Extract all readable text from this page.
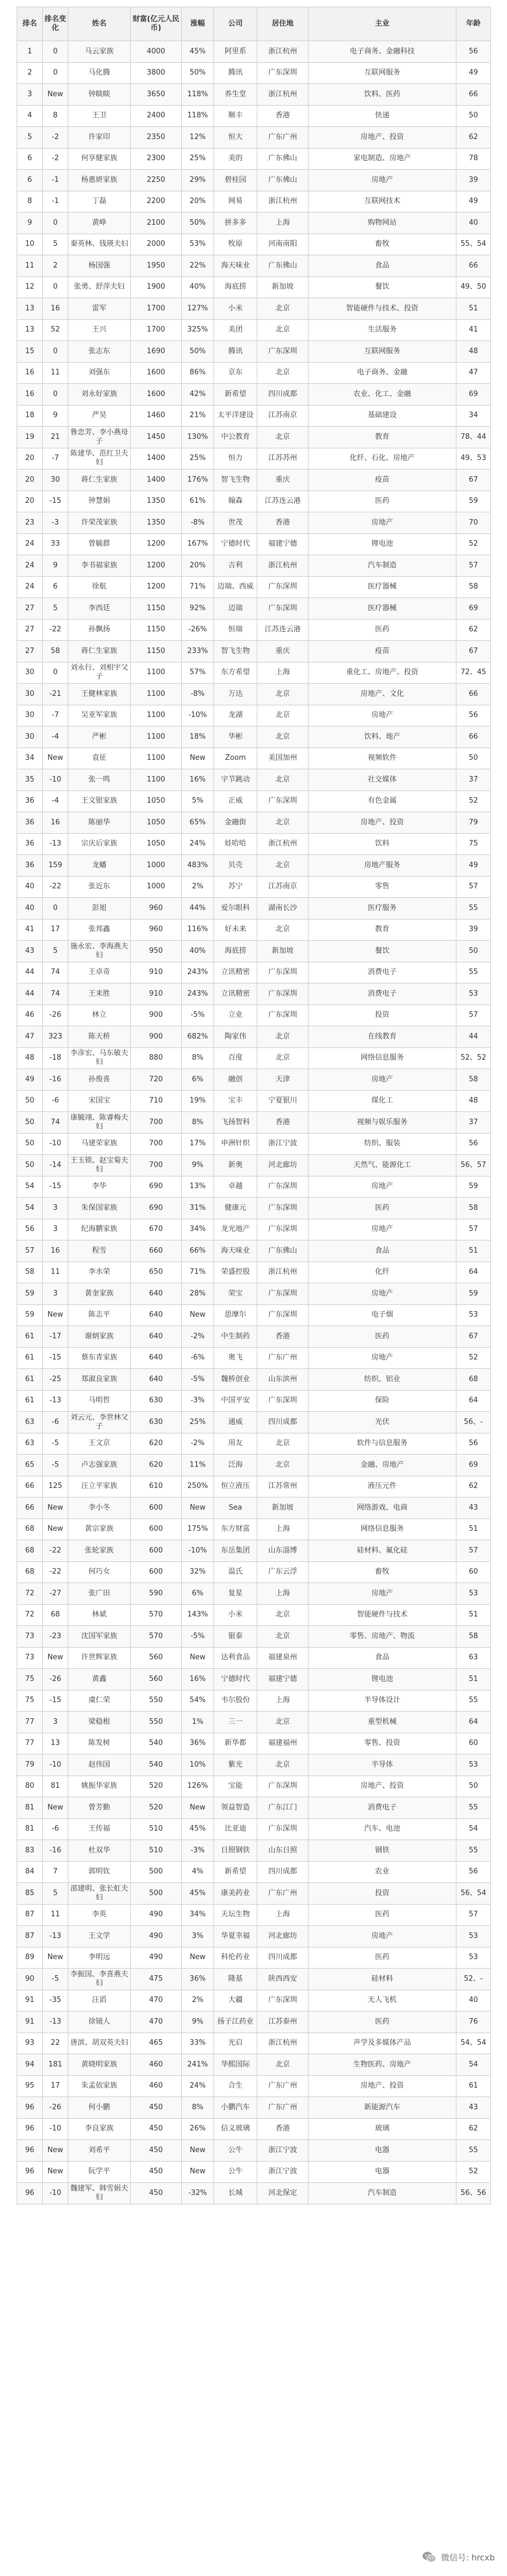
排名	排名变化	姓名	财富(亿元人民币)	涨幅	公司	居住地	主业	年龄
1	0	马云家族	4000	45%	阿里系	浙江杭州	电子商务、金融科技	56
2	0	马化腾	3800	50%	腾讯	广东深圳	互联网服务	49
3	New	钟睒睒	3650	118%	养生堂	浙江杭州	饮料、医药	66
4	8	王卫	2400	118%	顺丰	香港	快递	50
5	-2	许家印	2350	12%	恒大	广东广州	房地产、投资	62
6	-2	何享健家族	2300	25%	美的	广东佛山	家电制造、房地产	78
6	-1	杨惠妍家族	2250	29%	碧桂园	广东佛山	房地产	39
8	-1	丁磊	2200	20%	网易	浙江杭州	互联网技术	49
9	0	黄峥	2100	50%	拼多多	上海	购物网站	40
10	5	秦英林、钱瑛夫妇	2000	53%	牧原	河南南阳	畜牧	55、54
11	2	杨国强	1950	22%	海天味业	广东佛山	食品	66
12	0	张勇、舒萍夫妇	1900	40%	海底捞	新加坡	餐饮	49、50
13	16	雷军	1700	127%	小米	北京	智能硬件与技术、投资	51
13	52	王兴	1700	325%	美团	北京	生活服务	41
15	0	张志东	1690	50%	腾讯	广东深圳	互联网服务	48
16	11	刘强东	1600	86%	京东	北京	电子商务、金融	47
16	0	刘永好家族	1600	42%	新希望	四川成都	农业、化工、金融	69
18	9	严昊	1460	21%	太平洋建设	江苏南京	基础建设	34
19	21	鲁忠芳、李小燕母子	1450	130%	中公教育	北京	教育	78、44
20	-7	陈建华、范红卫夫妇	1400	25%	恒力	江苏苏州	化纤、石化、房地产	49、53
20	30	蒋仁生家族	1400	176%	智飞生物	重庆	疫苗	67
20	-15	钟慧娟	1350	61%	翰森	江苏连云港	医药	59
23	-3	许荣茂家族	1350	-8%	世茂	香港	房地产	70
24	33	曾毓群	1200	167%	宁德时代	福建宁德	锂电池	52
24	9	李书福家族	1200	20%	吉利	浙江杭州	汽车制造	57
24	6	徐航	1200	71%	迈瑞、西威	广东深圳	医疗器械	58
27	5	李西廷	1150	92%	迈瑞	广东深圳	医疗器械	69
27	-22	孙飘扬	1150	-26%	恒瑞	江苏连云港	医药	62
27	58	蒋仁生家族	1150	233%	智飞生物	重庆	疫苗	67
30	0	刘永行、刘相宇父子	1100	57%	东方希望	上海	重化工、房地产、投资	72、45
30	-21	王健林家族	1100	-8%	万达	北京	房地产、文化	66
30	-7	吴亚军家族	1100	-10%	龙湖	北京	房地产	56
30	-4	严彬	1100	18%	华彬	北京	饮料、地产	66
34	New	袁征	1100	New	Zoom	美国加州	视频软件	50
35	-10	张一鸣	1100	16%	字节跳动	北京	社交媒体	37
36	-4	王文银家族	1050	5%	正威	广东深圳	有色金属	52
36	16	陈丽华	1050	65%	金融街	北京	房地产、投资	79
36	-13	宗庆后家族	1050	24%	娃哈哈	浙江杭州	饮料	75
36	159	龙蟠	1000	483%	贝壳	北京	房地产服务	49
40	-22	张近东	1000	2%	苏宁	江苏南京	零售	57
40	0	彭旭	960	44%	爱尔眼科	湖南长沙	医疗服务	55
41	17	张邦鑫	960	116%	好未来	北京	教育	39
43	5	施永宏、李海燕夫妇	950	40%	海底捞	新加坡	餐饮	50
44	74	王卓奇	910	243%	立讯精密	广东深圳	消费电子	55
44	74	王来胜	910	243%	立讯精密	广东深圳	消费电子	53
46	-26	林立	900	-5%	立业	广东深圳	投资	57
47	323	陈天桥	900	682%	陶家伟	北京	在线教育	44
48	-18	李彦宏、马东敏夫妇	880	8%	百度	北京	网络信息服务	52、52
49	-16	孙俊喜	720	6%	融创	天津	房地产	58
50	-6	宋国宝	710	19%	宝丰	宁夏银川	煤化工	48
50	74	康毓翊、陈睿梅夫妇	700	8%	飞扬智科	香港	视频与娱乐服务	37
50	-10	马建荣家族	700	17%	申洲针织	浙江宁波	纺织、服装	56
50	-14	王玉锁、赵宝菊夫妇	700	9%	新奥	河北廊坊	天然气、能源化工	56、57
54	-15	李华	690	13%	卓越	广东深圳	房地产	59
54	3	朱保国家族	690	31%	健康元	广东深圳	医药	58
56	3	纪海鹏家族	670	34%	龙光地产	广东深圳	房地产	57
57	16	程雪	660	66%	海天味业	广东佛山	食品	51
58	11	李水荣	650	71%	荣盛控股	浙江杭州	化纤	64
59	3	黄奎家族	640	28%	荣宝	广东深圳	房地产	59
59	New	陈志平	640	New	思摩尔	广东深圳	电子烟	53
61	-17	谢炳家族	640	-2%	中生制药	香港	医药	67
61	-15	蔡东青家族	640	-6%	奥飞	广东广州	房地产	52
61	-25	郑淑良家族	640	-5%	魏桥创业	山东滨州	纺织、铝业	68
61	-13	马明哲	630	-3%	中国平安	广东深圳	保险	64
63	-6	刘云元、李世林父子	630	25%	通威	四川成都	光伏	56、-
63	-5	王文京	620	-2%	用友	北京	软件与信息服务	56
65	-5	卢志强家族	620	11%	泛海	北京	金融、房地产	69
66	125	汪立平家族	610	250%	恒立液压	江苏常州	液压元件	62
66	New	李小冬	600	New	Sea	新加坡	网络游戏、电商	43
68	New	黄宗家族	600	175%	东方财富	上海	网络信息服务	51
68	-22	张轮家族	600	-10%	东岳集团	山东淄博	硅材料、氟化硅	57
68	-22	何巧女	600	32%	温氏	广东云浮	畜牧	60
72	-27	张广田	590	6%	复星	上海	房地产	53
72	68	林斌	570	143%	小米	北京	智能硬件与技术	51
73	-23	沈国军家族	570	-5%	银泰	北京	零售、房地产、物流	58
73	New	许世辉家族	560	New	达利食品	福建泉州	食品	63
75	-26	黄鑫	560	16%	宁德时代	福建宁德	锂电池	51
75	-15	虞仁荣	550	54%	韦尔股份	上海	半导体设计	55
77	3	梁稳根	550	1%	三一	北京	重型机械	64
77	13	陈发树	540	36%	新华都	福建福州	零售、投资	60
79	-10	赵伟国	540	10%	紫光	北京	半导体	53
80	81	姚振华家族	520	126%	宝能	广东深圳	房地产、投资	50
81	New	曾芳勤	520	New	领益智造	广东江门	消费电子	55
81	-6	王传福	510	45%	比亚迪	广东深圳	汽车、电池	54
83	-16	杜双华	510	-3%	日照钢铁	山东日照	钢铁	55
84	7	郭明钦	500	4%	新希望	四川成都	农业	56
85	5	邵建明、张长虹夫妇	500	45%	康美药业	广东广州	投资	56、54
87	11	李英	490	34%	天坛生物	上海	医药	57
87	-13	王文学	490	3%	华夏幸福	河北廊坊	房地产	53
89	New	李明远	490	New	科伦药业	四川成都	医药	53
90	-5	李振国、李喜燕夫妇	475	36%	隆基	陕西西安	硅材料	52、-
91	-35	汪滔	470	2%	大疆	广东深圳	无人飞机	40
91	-13	徐镜人	470	9%	扬子江药业	江苏泰州	医药	76
93	22	唐滨、胡双英夫妇	465	33%	光启	浙江杭州	声学及多媒体产品	54、54
94	181	黄晓明家族	460	241%	华熙国际	北京	生物医药、房地产	54
95	17	朱孟依家族	460	24%	合生	广东广州	房地产、投资	61
96	-26	何小鹏	450	8%	小鹏汽车	广东广州	新能源汽车	43
96	-10	李良家族	450	26%	信义玻璃	香港	玻璃	62
96	New	刘希平	450	New	公牛	浙江宁波	电器	55
96	New	阮学平	450	New	公牛	浙江宁波	电器	52
96	-10	魏建军、韩雪娟夫妇	450	-32%	长城	河北保定	汽车制造	56、56
微信号: hrcxb
